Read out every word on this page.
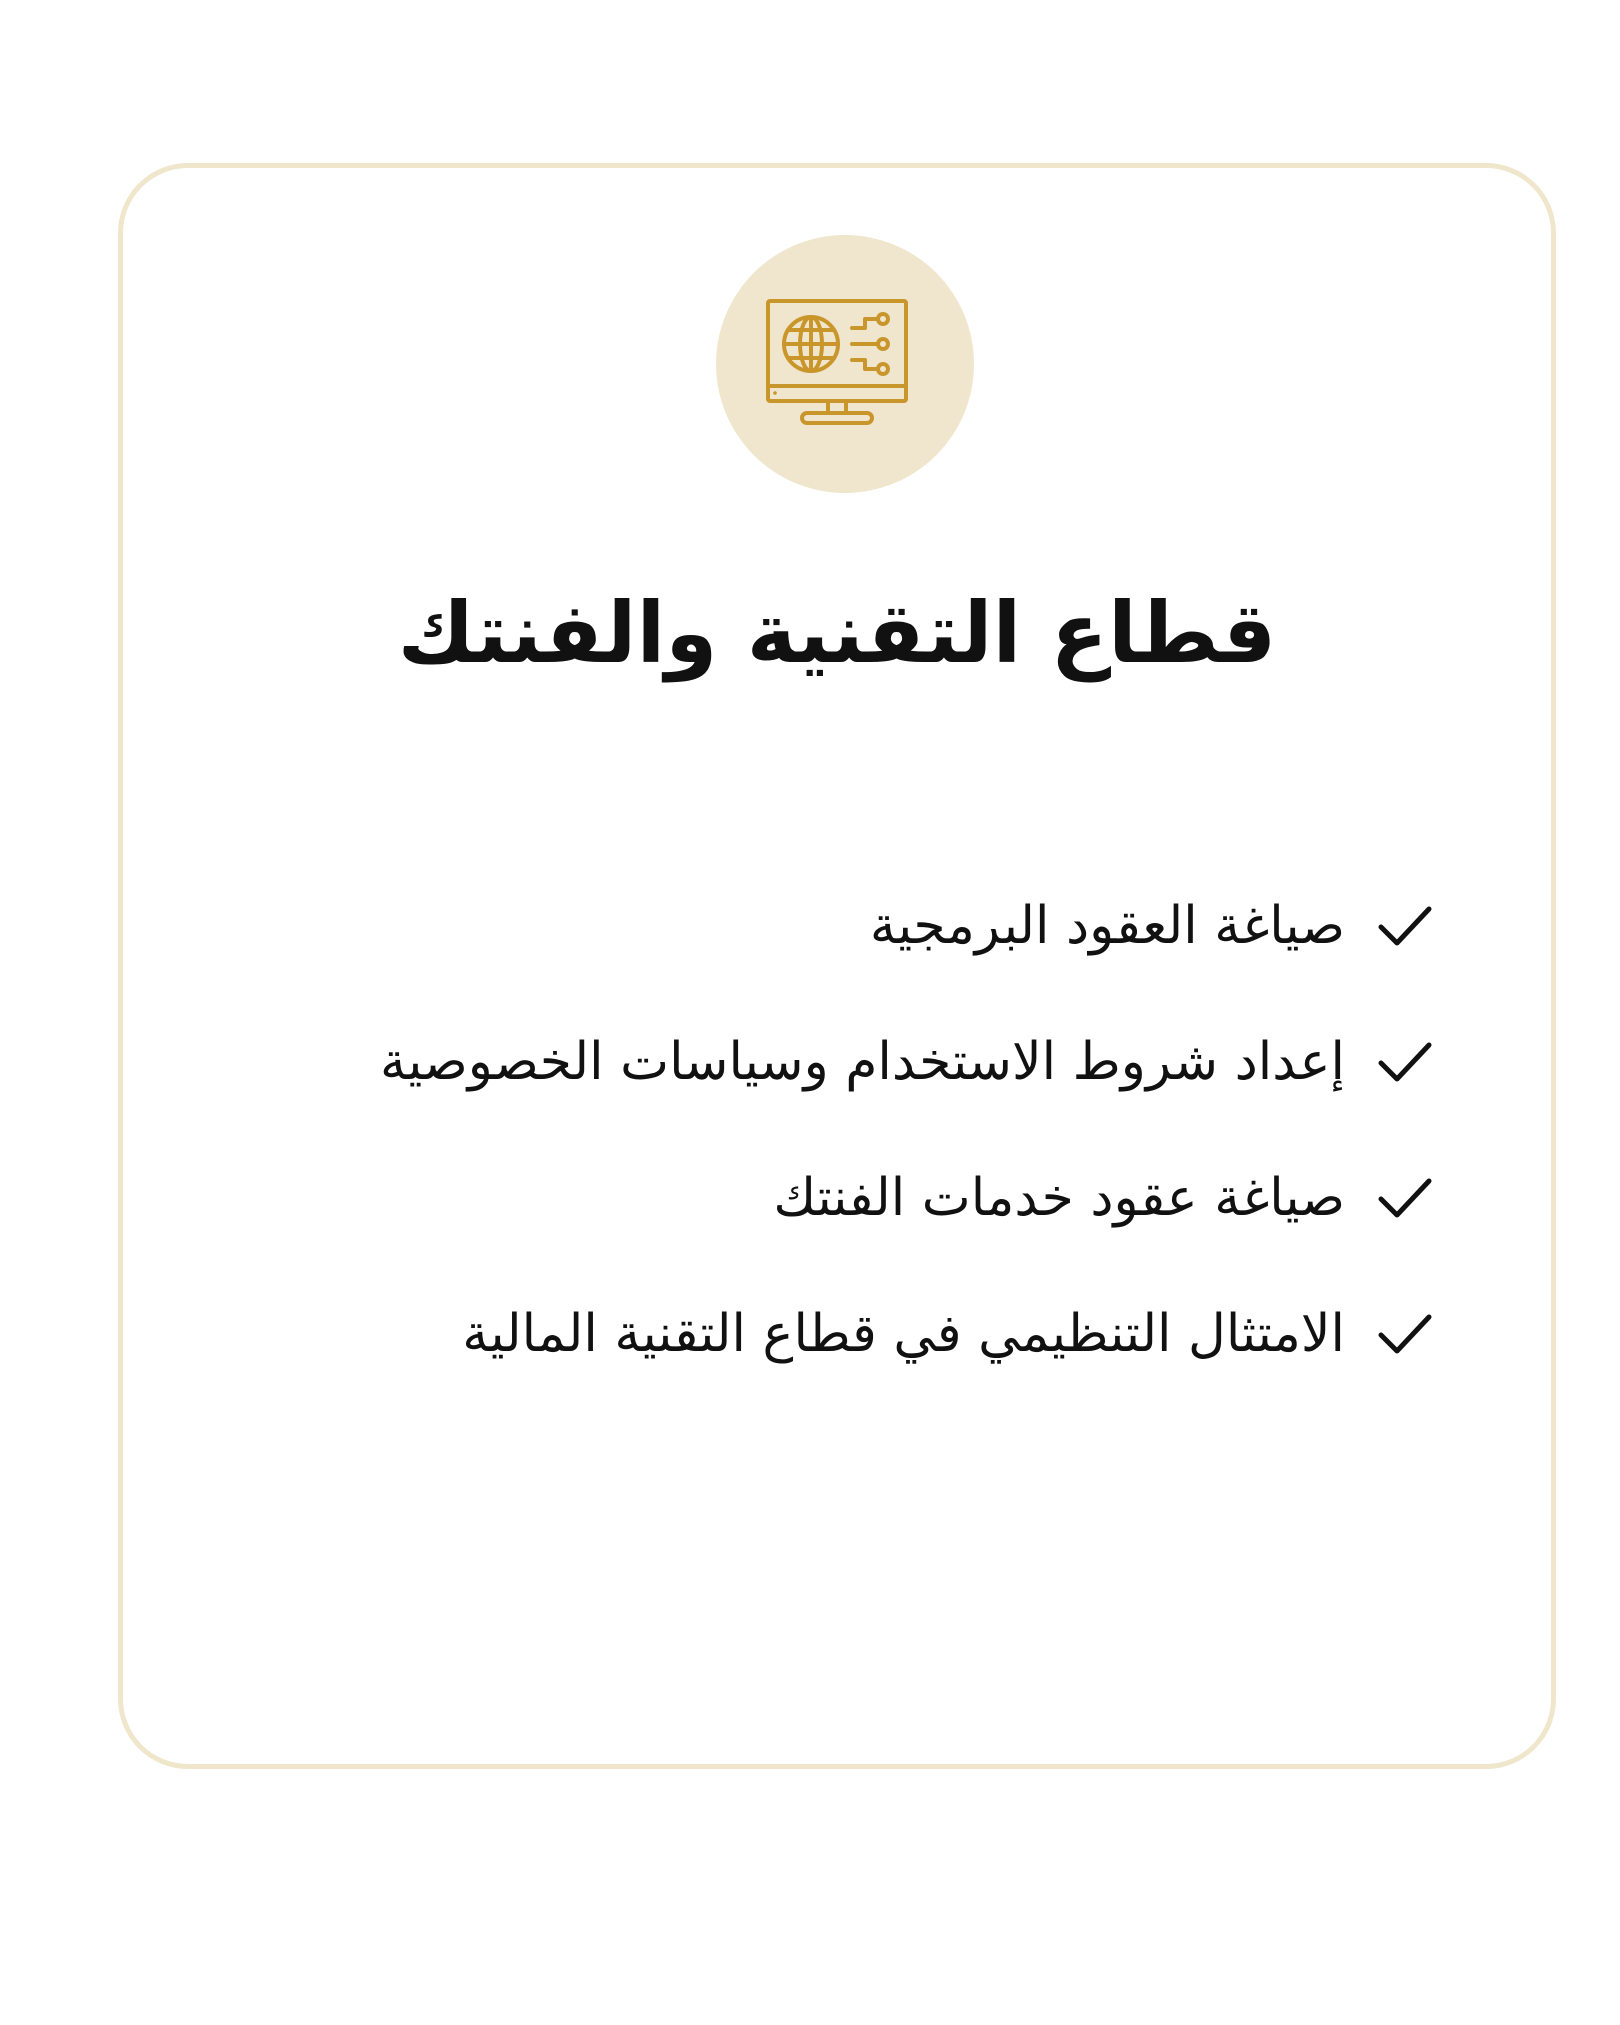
قطاع التقنية والفنتك
صياغة العقود البرمجية
إعداد شروط الاستخدام وسياسات الخصوصية
صياغة عقود خدمات الفنتك
الامتثال التنظيمي في قطاع التقنية المالية
